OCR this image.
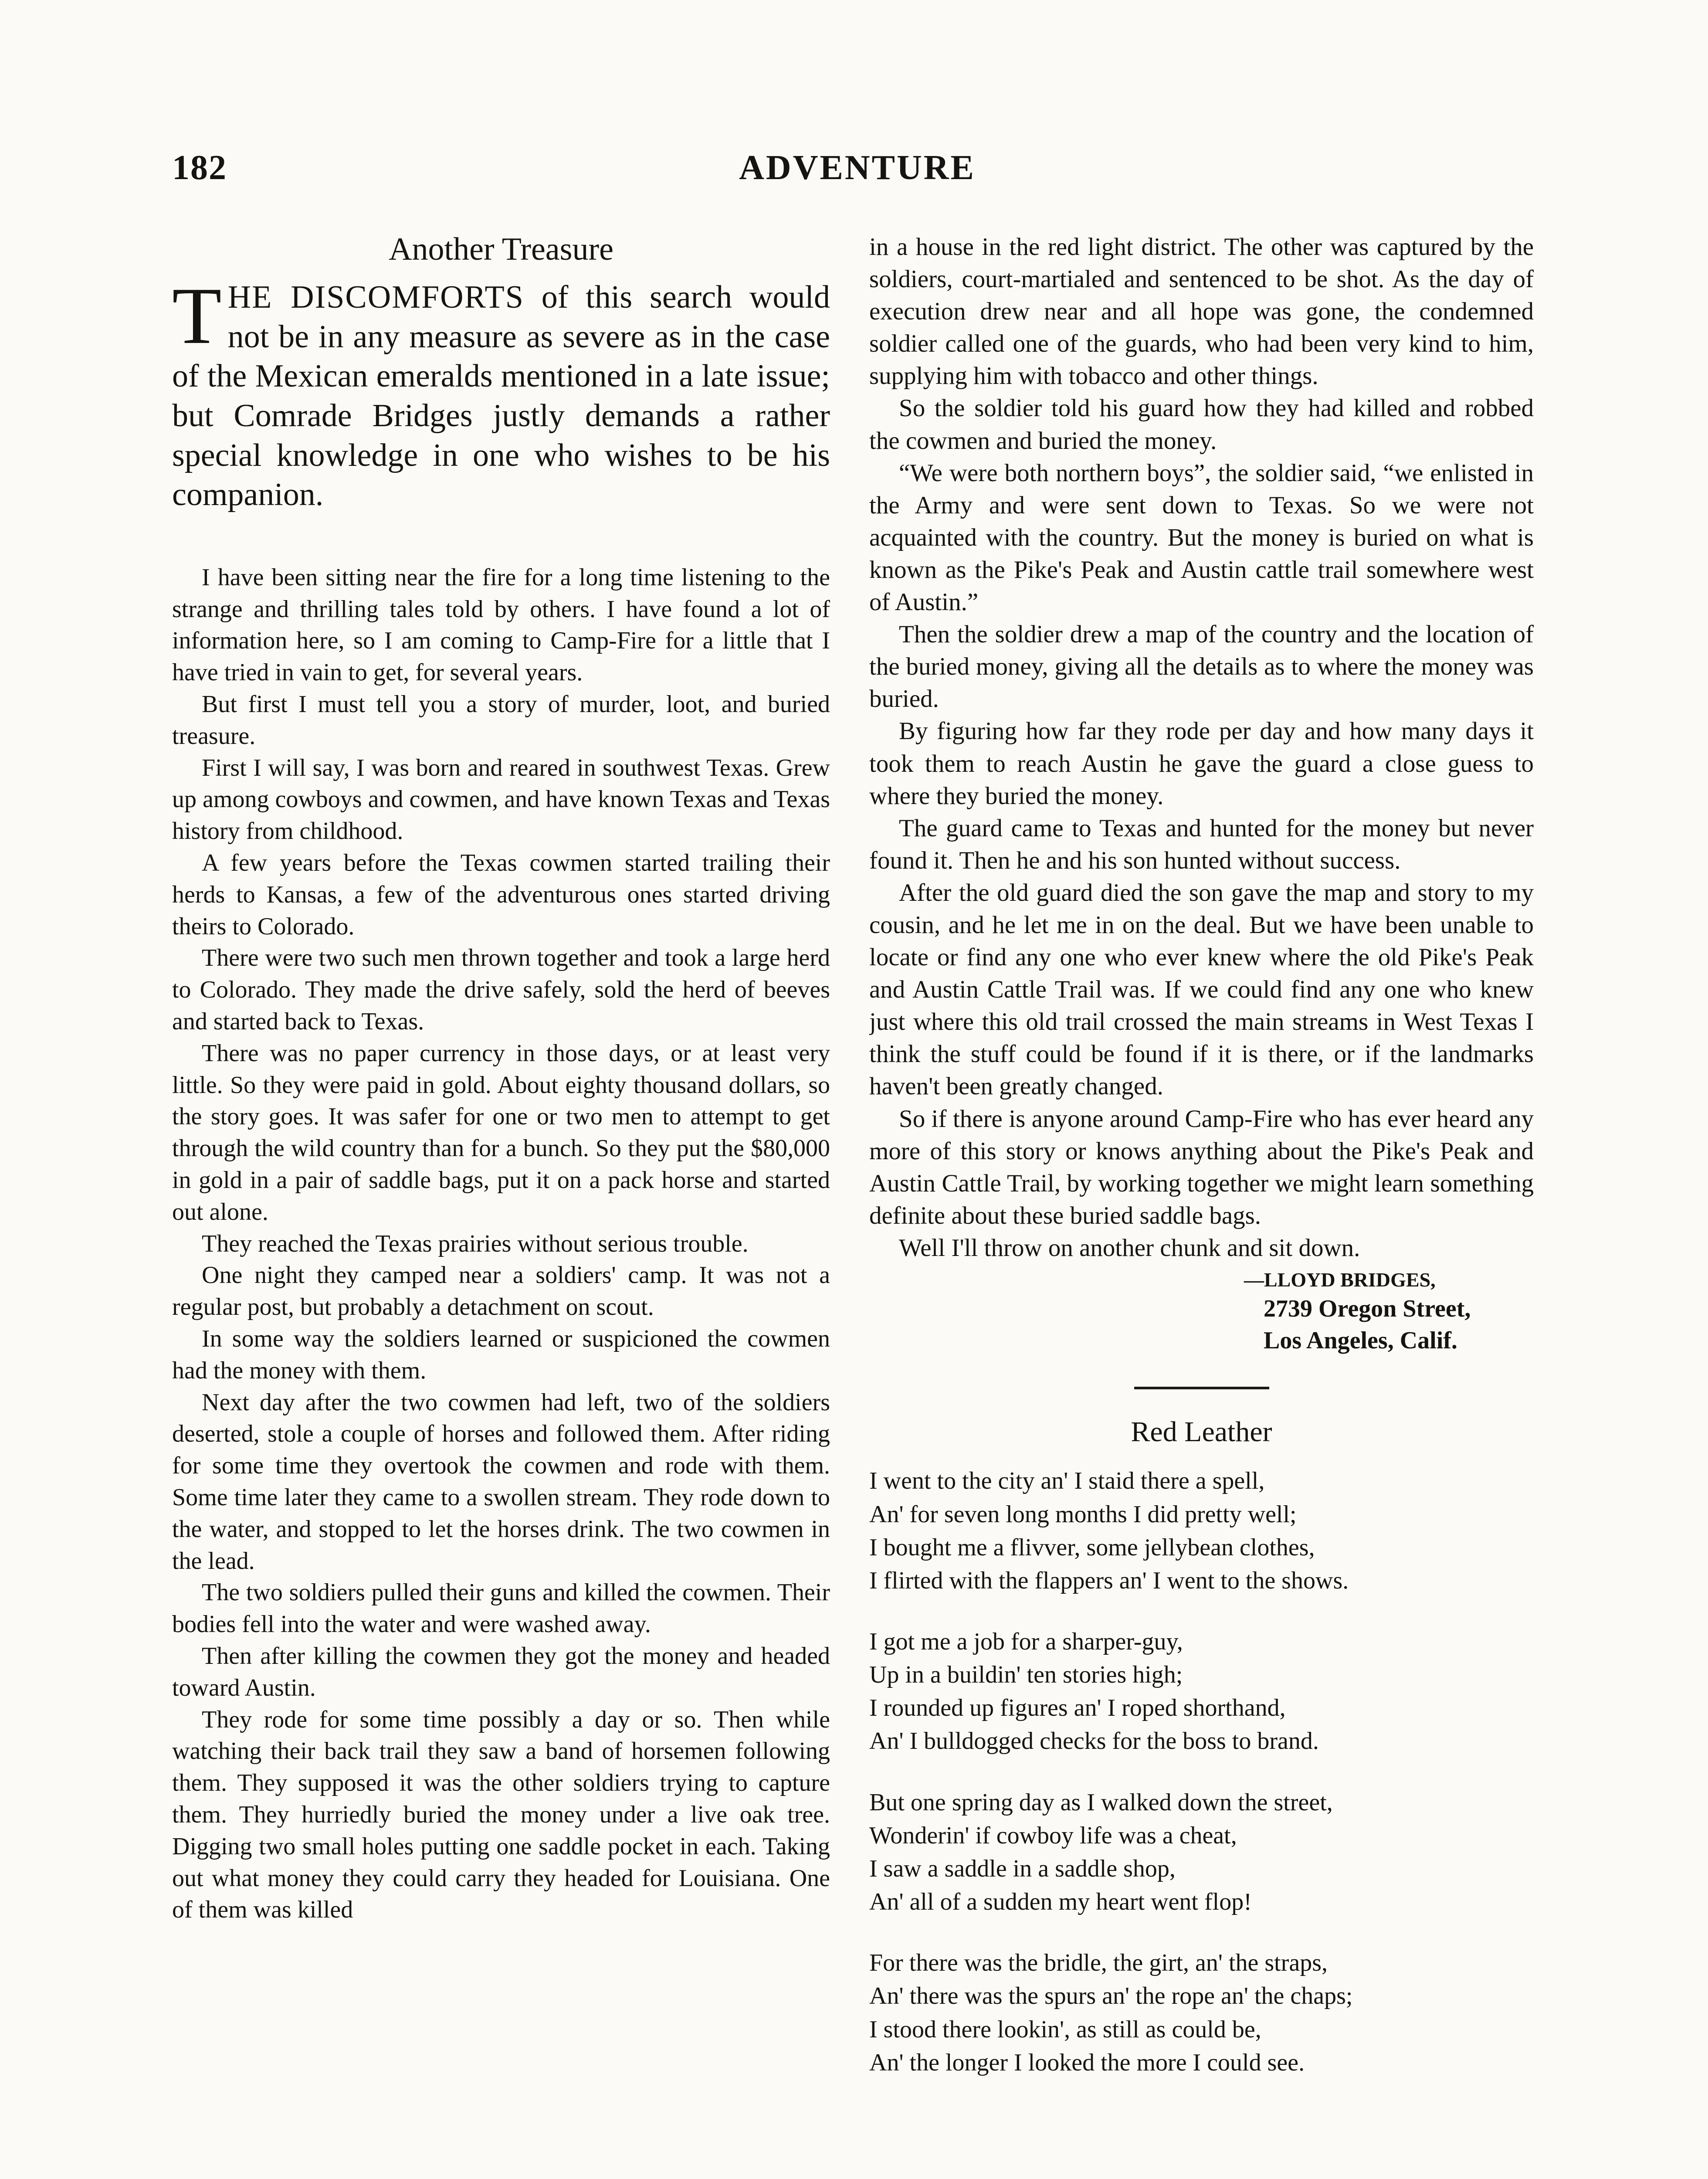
182	ADVENTURE
Another Treasure
THE DISCOMFORTS of this search would not be in any measure as severe as in the case of the Mexican emeralds mentioned in a late issue; but Comrade Bridges justly demands a rather special knowledge in one who wishes to be his companion.

I have been sitting near the fire for a long time listening to the strange and thrilling tales told by others. I have found a lot of information here, so I am coming to Camp-Fire for a little that I have tried in vain to get, for several years.

But first I must tell you a story of murder, loot, and buried treasure.

First I will say, I was born and reared in southwest Texas. Grew up among cowboys and cowmen, and have known Texas and Texas history from childhood.

A few years before the Texas cowmen started trailing their herds to Kansas, a few of the adventurous ones started driving theirs to Colorado.

There were two such men thrown together and took a large herd to Colorado. They made the drive safely, sold the herd of beeves and started back to Texas.

There was no paper currency in those days, or at least very little. So they were paid in gold. About eighty thousand dollars, so the story goes. It was safer for one or two men to attempt to get through the wild country than for a bunch. So they put the $80,000 in gold in a pair of saddle bags, put it on a pack horse and started out alone.

They reached the Texas prairies without serious trouble.

One night they camped near a soldiers' camp. It was not a regular post, but probably a detachment on scout.

In some way the soldiers learned or suspicioned the cowmen had the money with them.

Next day after the two cowmen had left, two of the soldiers deserted, stole a couple of horses and followed them. After riding for some time they overtook the cowmen and rode with them. Some time later they came to a swollen stream. They rode down to the water, and stopped to let the horses drink. The two cowmen in the lead.

The two soldiers pulled their guns and killed the cowmen. Their bodies fell into the water and were washed away.

Then after killing the cowmen they got the money and headed toward Austin.

They rode for some time possibly a day or so. Then while watching their back trail they saw a band of horsemen following them. They supposed it was the other soldiers trying to capture them. They hurriedly buried the money under a live oak tree. Digging two small holes putting one saddle pocket in each. Taking out what money they could carry they headed for Louisiana. One of them was killed

in a house in the red light district. The other was captured by the soldiers, court-martialed and sentenced to be shot. As the day of execution drew near and all hope was gone, the condemned soldier called one of the guards, who had been very kind to him, supplying him with tobacco and other things.

So the soldier told his guard how they had killed and robbed the cowmen and buried the money.

“We were both northern boys”, the soldier said, “we enlisted in the Army and were sent down to Texas. So we were not acquainted with the country. But the money is buried on what is known as the Pike's Peak and Austin cattle trail somewhere west of Austin.”

Then the soldier drew a map of the country and the location of the buried money, giving all the details as to where the money was buried.

By figuring how far they rode per day and how many days it took them to reach Austin he gave the guard a close guess to where they buried the money.

The guard came to Texas and hunted for the money but never found it. Then he and his son hunted without success.

After the old guard died the son gave the map and story to my cousin, and he let me in on the deal. But we have been unable to locate or find any one who ever knew where the old Pike's Peak and Austin Cattle Trail was. If we could find any one who knew just where this old trail crossed the main streams in West Texas I think the stuff could be found if it is there, or if the landmarks haven't been greatly changed.

So if there is anyone around Camp-Fire who has ever heard any more of this story or knows anything about the Pike's Peak and Austin Cattle Trail, by working together we might learn something definite about these buried saddle bags.

Well I'll throw on another chunk and sit down.

—LLOYD BRIDGES,
2739 Oregon Street,
Los Angeles, Calif.
Red Leather
I went to the city an' I staid there a spell,
An' for seven long months I did pretty well;
I bought me a flivver, some jellybean clothes,
I flirted with the flappers an' I went to the shows.
I got me a job for a sharper-guy,
Up in a buildin' ten stories high;
I rounded up figures an' I roped shorthand,
An' I bulldogged checks for the boss to brand.
But one spring day as I walked down the street,
Wonderin' if cowboy life was a cheat,
I saw a saddle in a saddle shop,
An' all of a sudden my heart went flop!
For there was the bridle, the girt, an' the straps,
An' there was the spurs an' the rope an' the chaps;
I stood there lookin', as still as could be,
An' the longer I looked the more I could see.
